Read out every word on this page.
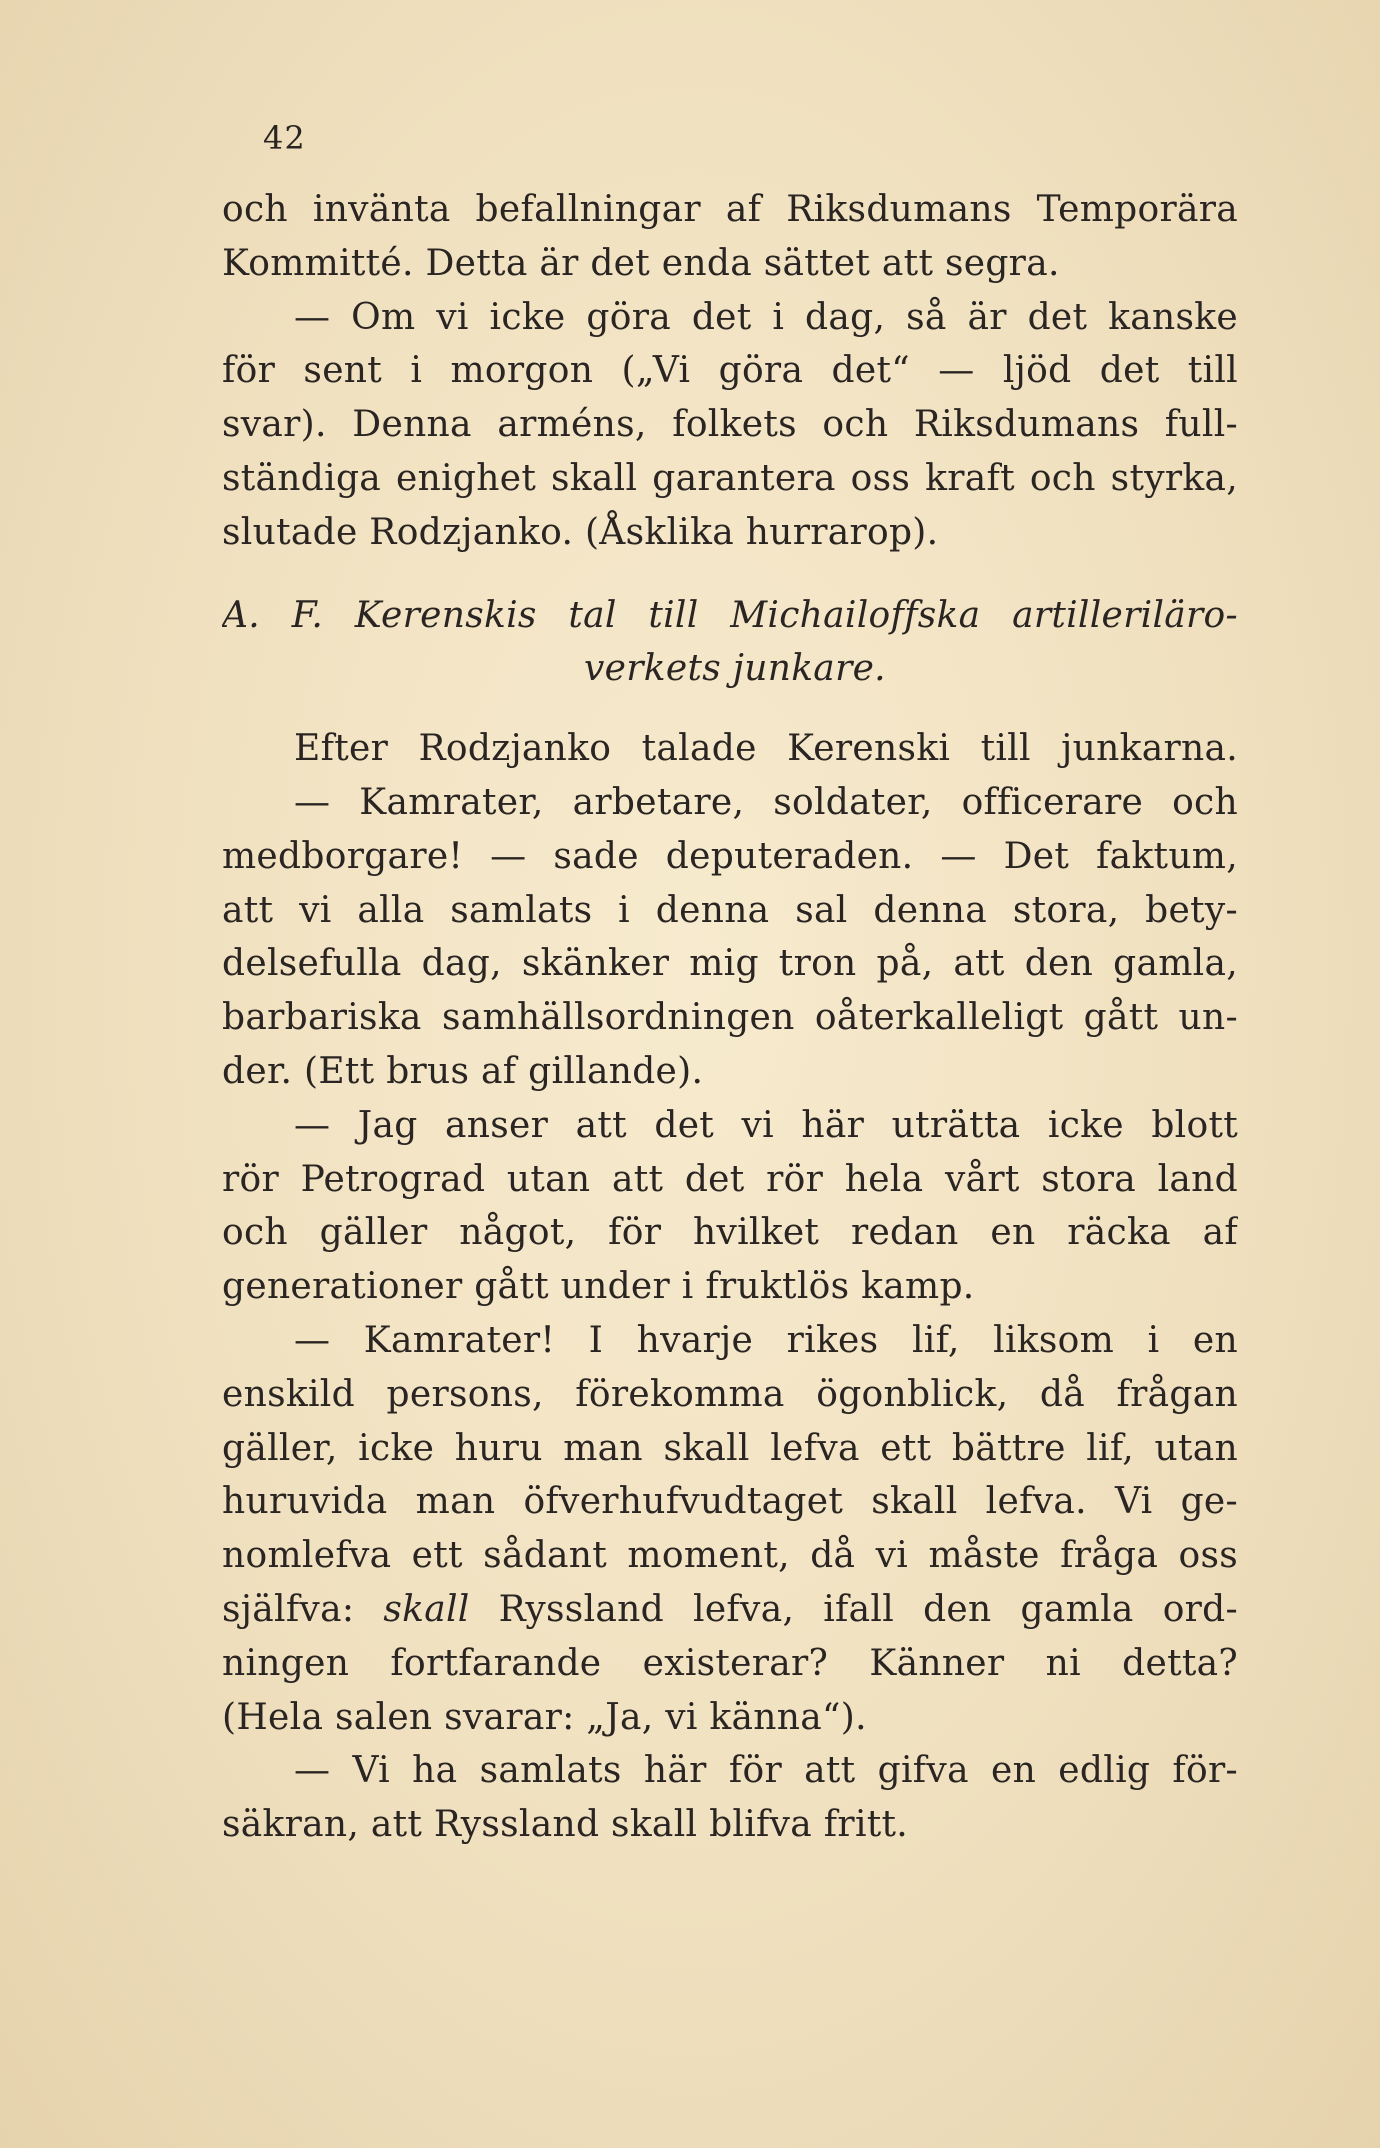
42
och invänta befallningar af Riksdumans Temporära
Kommitté. Detta är det enda sättet att segra.
— Om vi icke göra det i dag, så är det kanske
för sent i morgon („Vi göra det“ — ljöd det till
svar). Denna arméns, folkets och Riksdumans full-
ständiga enighet skall garantera oss kraft och styrka,
slutade Rodzjanko. (Åsklika hurrarop).
A. F. Kerenskis tal till Michailoffska artilleriläro-
verkets junkare.
Efter Rodzjanko talade Kerenski till junkarna.
— Kamrater, arbetare, soldater, officerare och
medborgare! — sade deputeraden. — Det faktum,
att vi alla samlats i denna sal denna stora, bety-
delsefulla dag, skänker mig tron på, att den gamla,
barbariska samhällsordningen oåterkalleligt gått un-
der. (Ett brus af gillande).
— Jag anser att det vi här uträtta icke blott
rör Petrograd utan att det rör hela vårt stora land
och gäller något, för hvilket redan en räcka af
generationer gått under i fruktlös kamp.
— Kamrater! I hvarje rikes lif, liksom i en
enskild persons, förekomma ögonblick, då frågan
gäller, icke huru man skall lefva ett bättre lif, utan
huruvida man öfverhufvudtaget skall lefva. Vi ge-
nomlefva ett sådant moment, då vi måste fråga oss
själfva: skall Ryssland lefva, ifall den gamla ord-
ningen fortfarande existerar? Känner ni detta?
(Hela salen svarar: „Ja, vi känna“).
— Vi ha samlats här för att gifva en edlig för-
säkran, att Ryssland skall blifva fritt.
